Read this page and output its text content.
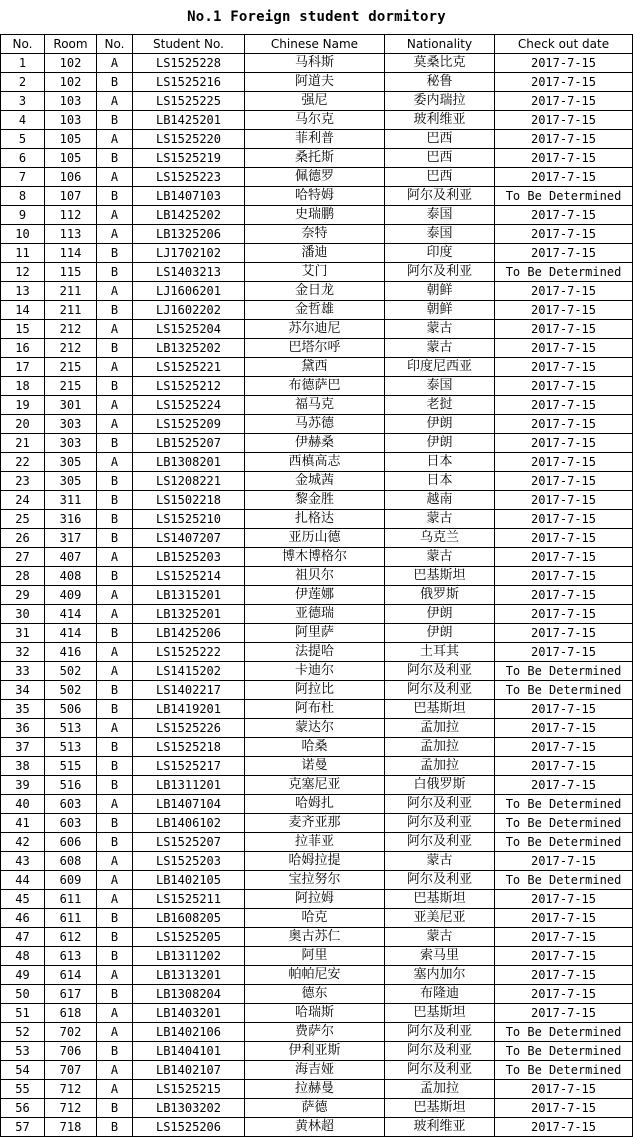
No.1 Foreign student dormitory
No.	Room	No.	Student No.	Chinese Name	Nationality	Check out date
1	102	A	LS1525228	马科斯	莫桑比克	2017-7-15
2	102	B	LS1525216	阿道夫	秘鲁	2017-7-15
3	103	A	LS1525225	强尼	委内瑞拉	2017-7-15
4	103	B	LB1425201	马尔克	玻利维亚	2017-7-15
5	105	A	LS1525220	菲利普	巴西	2017-7-15
6	105	B	LS1525219	桑托斯	巴西	2017-7-15
7	106	A	LS1525223	佩德罗	巴西	2017-7-15
8	107	B	LB1407103	哈特姆	阿尔及利亚	To Be Determined
9	112	A	LB1425202	史瑞鹏	泰国	2017-7-15
10	113	A	LB1325206	奈特	泰国	2017-7-15
11	114	B	LJ1702102	潘迪	印度	2017-7-15
12	115	B	LS1403213	艾门	阿尔及利亚	To Be Determined
13	211	A	LJ1606201	金日龙	朝鲜	2017-7-15
14	211	B	LJ1602202	金哲雄	朝鲜	2017-7-15
15	212	A	LS1525204	苏尔迪尼	蒙古	2017-7-15
16	212	B	LB1325202	巴塔尔呼	蒙古	2017-7-15
17	215	A	LS1525221	黛西	印度尼西亚	2017-7-15
18	215	B	LS1525212	布德萨巴	泰国	2017-7-15
19	301	A	LS1525224	福马克	老挝	2017-7-15
20	303	A	LS1525209	马苏德	伊朗	2017-7-15
21	303	B	LB1525207	伊赫桑	伊朗	2017-7-15
22	305	A	LB1308201	西槙高志	日本	2017-7-15
23	305	B	LS1208221	金城茜	日本	2017-7-15
24	311	B	LS1502218	黎金胜	越南	2017-7-15
25	316	B	LS1525210	扎格达	蒙古	2017-7-15
26	317	B	LS1407207	亚历山德	乌克兰	2017-7-15
27	407	A	LB1525203	博木博格尔	蒙古	2017-7-15
28	408	B	LS1525214	祖贝尔	巴基斯坦	2017-7-15
29	409	A	LB1315201	伊莲娜	俄罗斯	2017-7-15
30	414	A	LB1325201	亚德瑞	伊朗	2017-7-15
31	414	B	LB1425206	阿里萨	伊朗	2017-7-15
32	416	A	LS1525222	法提哈	土耳其	2017-7-15
33	502	A	LS1415202	卡迪尔	阿尔及利亚	To Be Determined
34	502	B	LS1402217	阿拉比	阿尔及利亚	To Be Determined
35	506	B	LB1419201	阿布杜	巴基斯坦	2017-7-15
36	513	A	LS1525226	蒙达尔	孟加拉	2017-7-15
37	513	B	LS1525218	哈桑	孟加拉	2017-7-15
38	515	B	LS1525217	诺曼	孟加拉	2017-7-15
39	516	B	LB1311201	克塞尼亚	白俄罗斯	2017-7-15
40	603	A	LB1407104	哈姆扎	阿尔及利亚	To Be Determined
41	603	B	LB1406102	麦齐亚那	阿尔及利亚	To Be Determined
42	606	B	LS1525207	拉菲亚	阿尔及利亚	To Be Determined
43	608	A	LS1525203	哈姆拉提	蒙古	2017-7-15
44	609	A	LB1402105	宝拉努尔	阿尔及利亚	To Be Determined
45	611	A	LS1525211	阿拉姆	巴基斯坦	2017-7-15
46	611	B	LB1608205	哈克	亚美尼亚	2017-7-15
47	612	B	LS1525205	奥古苏仁	蒙古	2017-7-15
48	613	B	LB1311202	阿里	索马里	2017-7-15
49	614	A	LB1313201	帕帕尼安	塞内加尔	2017-7-15
50	617	B	LB1308204	德东	布隆迪	2017-7-15
51	618	A	LB1403201	哈瑞斯	巴基斯坦	2017-7-15
52	702	A	LB1402106	费萨尔	阿尔及利亚	To Be Determined
53	706	B	LB1404101	伊利亚斯	阿尔及利亚	To Be Determined
54	707	A	LB1402107	海吉娅	阿尔及利亚	To Be Determined
55	712	A	LS1525215	拉赫曼	孟加拉	2017-7-15
56	712	B	LB1303202	萨德	巴基斯坦	2017-7-15
57	718	B	LS1525206	黄林超	玻利维亚	2017-7-15
